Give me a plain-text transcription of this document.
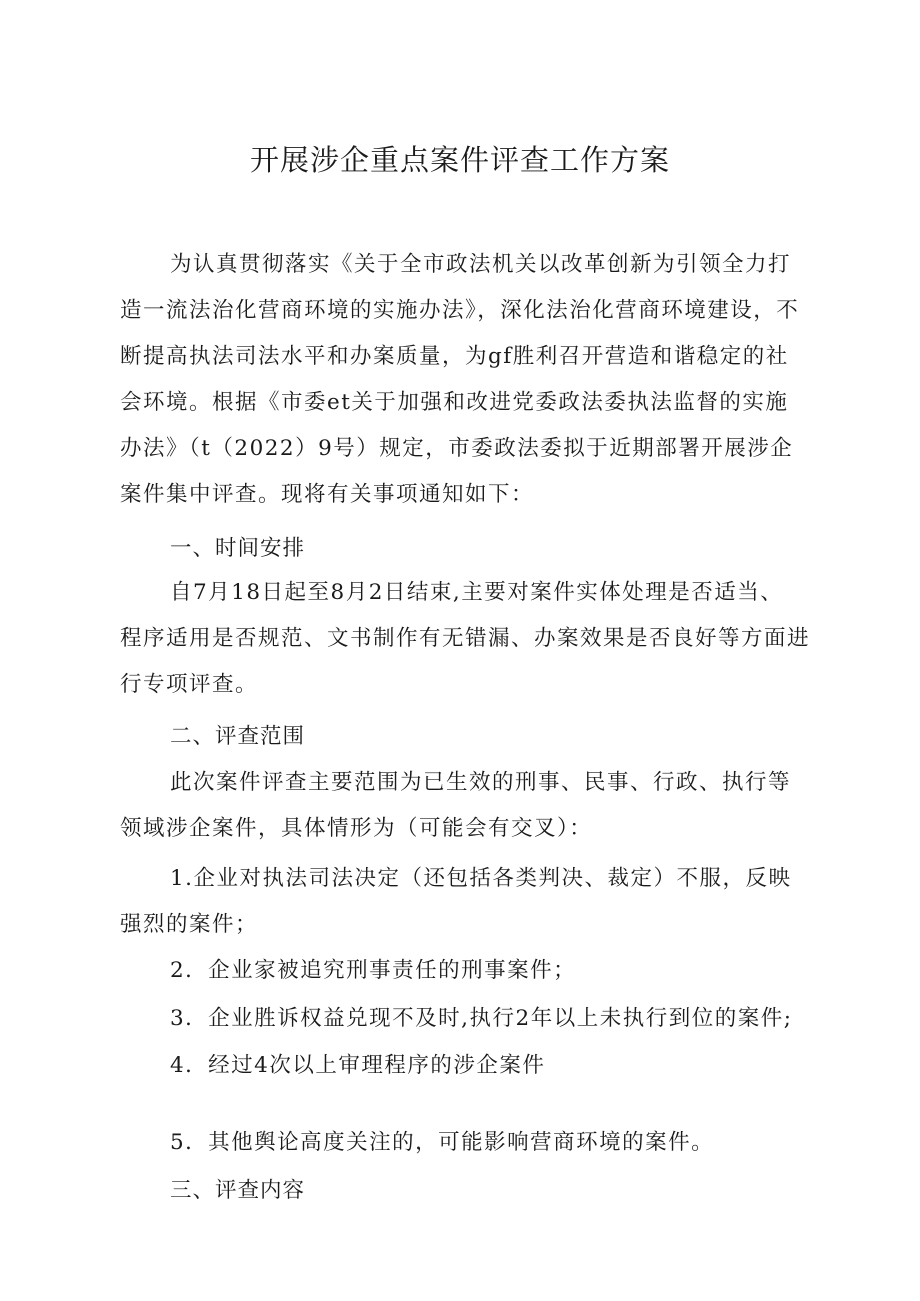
开展涉企重点案件评查工作方案
为认真贯彻落实《关于全市政法机关以改革创新为引领全力打
造一流法治化营商环境的实施办法》，深化法治化营商环境建设，不
断提高执法司法水平和办案质量，为gf胜利召开营造和谐稳定的社
会环境。根据《市委et关于加强和改进党委政法委执法监督的实施
办法》（t（2022）9号）规定，市委政法委拟于近期部署开展涉企
案件集中评查。现将有关事项通知如下：
一、时间安排
自7月18日起至8月2日结束,主要对案件实体处理是否适当、
程序适用是否规范、文书制作有无错漏、办案效果是否良好等方面进
行专项评查。
二、评查范围
此次案件评查主要范围为已生效的刑事、民事、行政、执行等
领域涉企案件，具体情形为（可能会有交叉）：
1.企业对执法司法决定（还包括各类判决、裁定）不服，反映
强烈的案件；
2．企业家被追究刑事责任的刑事案件；
3．企业胜诉权益兑现不及时,执行2年以上未执行到位的案件;
4．经过4次以上审理程序的涉企案件
5．其他舆论高度关注的，可能影响营商环境的案件。
三、评查内容
